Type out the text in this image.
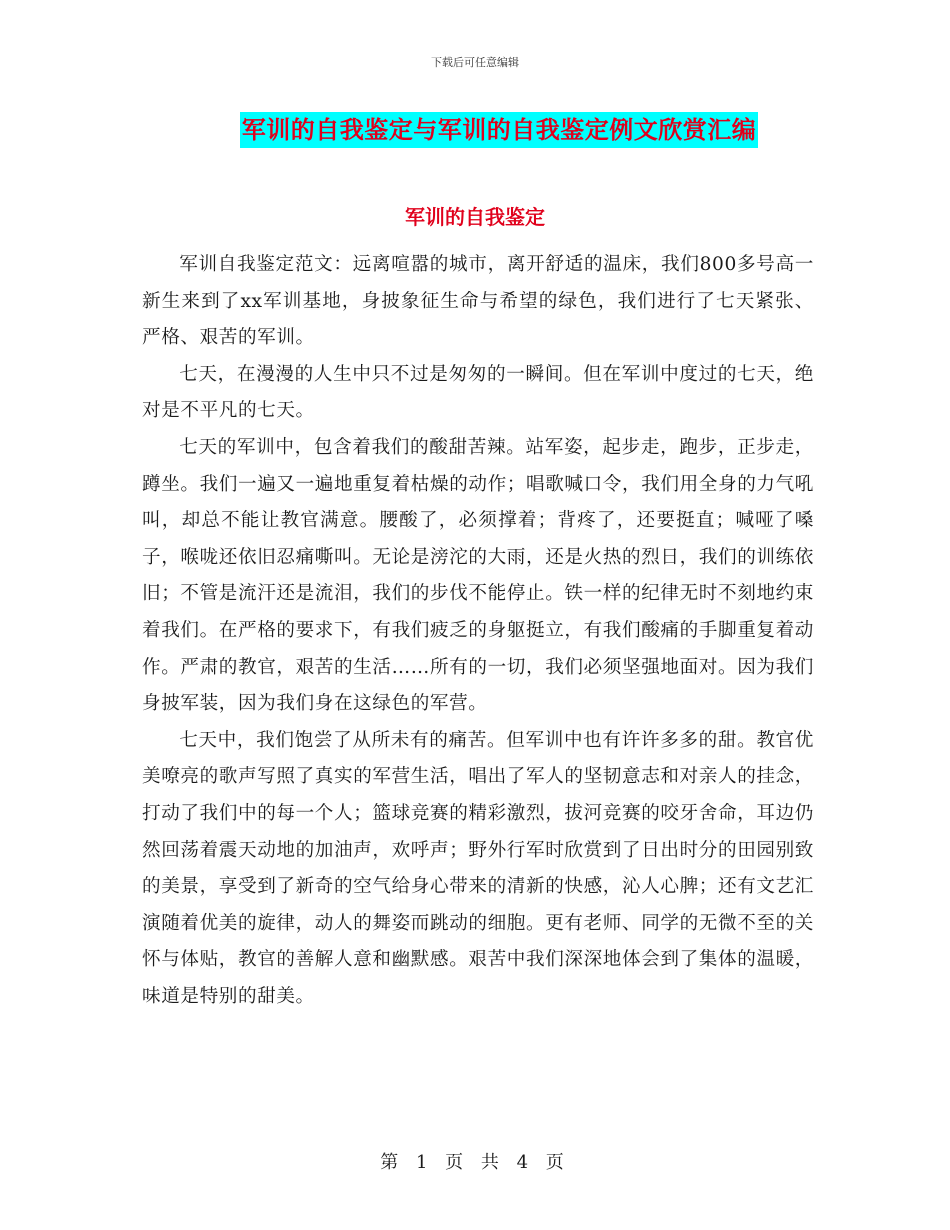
下载后可任意编辑
军训的自我鉴定与军训的自我鉴定例文欣赏汇编
军训的自我鉴定

军训自我鉴定范文：远离喧嚣的城市，离开舒适的温床，我们800多号高一新生来到了xx军训基地，身披象征生命与希望的绿色，我们进行了七天紧张、严格、艰苦的军训。

七天，在漫漫的人生中只不过是匆匆的一瞬间。但在军训中度过的七天，绝对是不平凡的七天。

七天的军训中，包含着我们的酸甜苦辣。站军姿，起步走，跑步，正步走，蹲坐。我们一遍又一遍地重复着枯燥的动作；唱歌喊口令，我们用全身的力气吼叫，却总不能让教官满意。腰酸了，必须撑着；背疼了，还要挺直；喊哑了嗓子，喉咙还依旧忍痛嘶叫。无论是滂沱的大雨，还是火热的烈日，我们的训练依旧；不管是流汗还是流泪，我们的步伐不能停止。铁一样的纪律无时不刻地约束着我们。在严格的要求下，有我们疲乏的身躯挺立，有我们酸痛的手脚重复着动作。严肃的教官，艰苦的生活……所有的一切，我们必须坚强地面对。因为我们身披军装，因为我们身在这绿色的军营。

七天中，我们饱尝了从所未有的痛苦。但军训中也有许许多多的甜。教官优美嘹亮的歌声写照了真实的军营生活，唱出了军人的坚韧意志和对亲人的挂念，打动了我们中的每一个人；篮球竞赛的精彩激烈，拔河竞赛的咬牙舍命，耳边仍然回荡着震天动地的加油声，欢呼声；野外行军时欣赏到了日出时分的田园别致的美景，享受到了新奇的空气给身心带来的清新的快感，沁人心脾；还有文艺汇演随着优美的旋律，动人的舞姿而跳动的细胞。更有老师、同学的无微不至的关怀与体贴，教官的善解人意和幽默感。艰苦中我们深深地体会到了集体的温暖，味道是特别的甜美。

第 1 页 共 4 页
